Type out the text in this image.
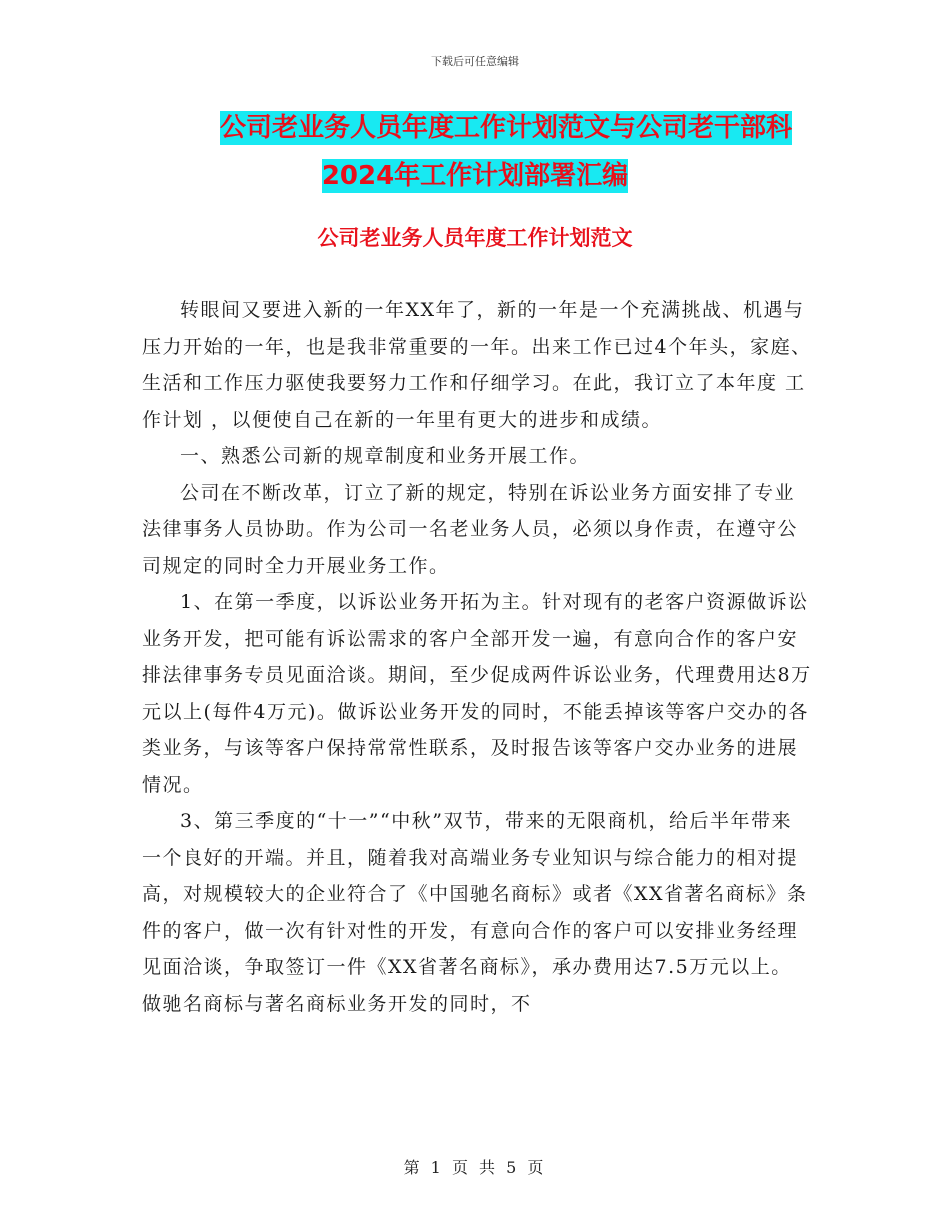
下载后可任意编辑
公司老业务人员年度工作计划范文与公司老干部科
2024年工作计划部署汇编
公司老业务人员年度工作计划范文

转眼间又要进入新的一年XX年了，新的一年是一个充满挑战、机遇与压力开始的一年，也是我非常重要的一年。出来工作已过4个年头，家庭、生活和工作压力驱使我要努力工作和仔细学习。在此，我订立了本年度 工作计划 ，以便使自己在新的一年里有更大的进步和成绩。

一、熟悉公司新的规章制度和业务开展工作。

公司在不断改革，订立了新的规定，特别在诉讼业务方面安排了专业法律事务人员协助。作为公司一名老业务人员，必须以身作责，在遵守公司规定的同时全力开展业务工作。

1、在第一季度，以诉讼业务开拓为主。针对现有的老客户资源做诉讼业务开发，把可能有诉讼需求的客户全部开发一遍，有意向合作的客户安排法律事务专员见面洽谈。期间，至少促成两件诉讼业务，代理费用达8万元以上(每件4万元)。做诉讼业务开发的同时，不能丢掉该等客户交办的各类业务，与该等客户保持常常性联系，及时报告该等客户交办业务的进展情况。

3、第三季度的“十一”“中秋”双节，带来的无限商机，给后半年带来一个良好的开端。并且，随着我对高端业务专业知识与综合能力的相对提高，对规模较大的企业符合了《中国驰名商标》或者《XX省著名商标》条件的客户，做一次有针对性的开发，有意向合作的客户可以安排业务经理见面洽谈，争取签订一件《XX省著名商标》，承办费用达7.5万元以上。做驰名商标与著名商标业务开发的同时，不

第 1 页 共 5 页
